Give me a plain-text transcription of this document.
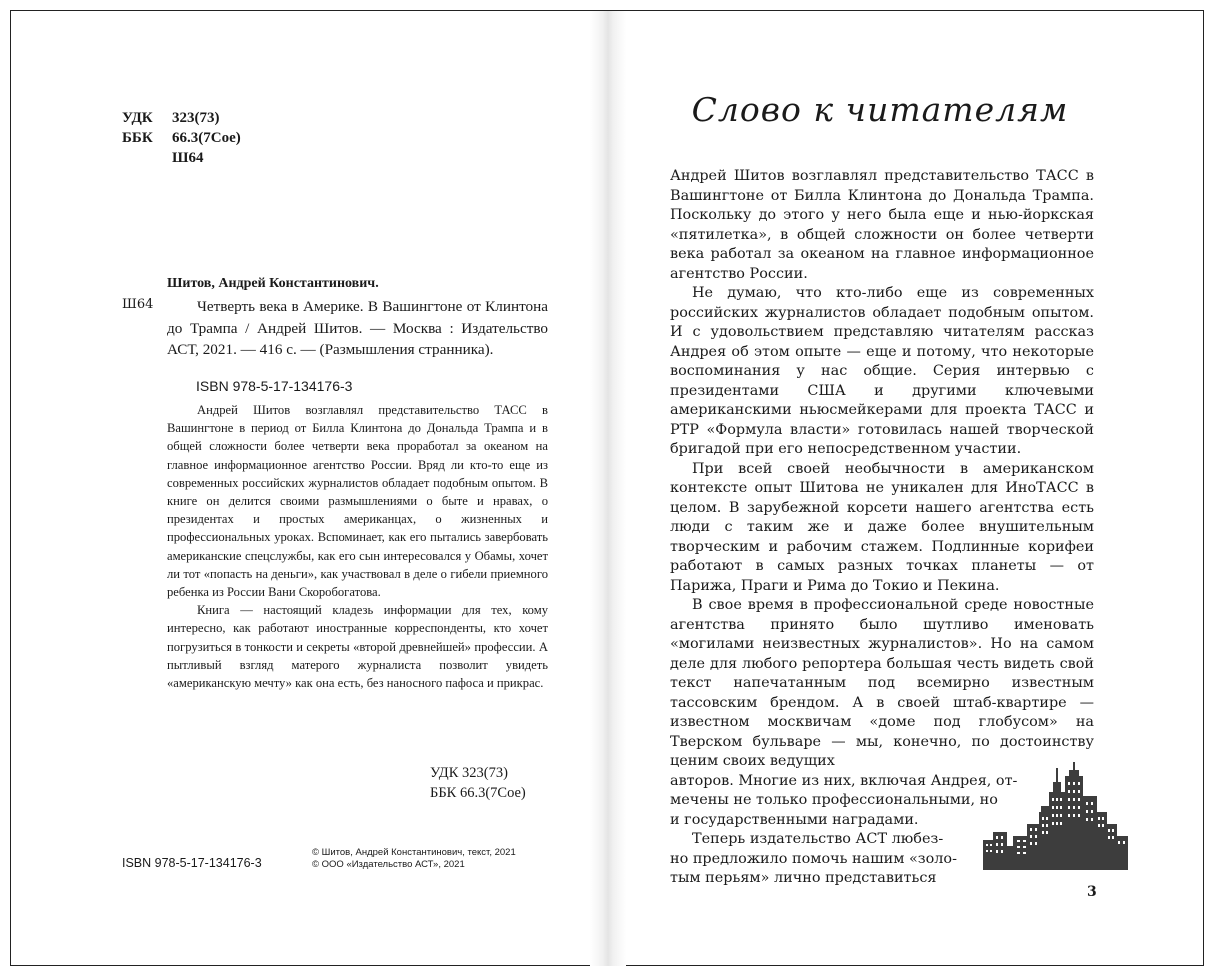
УДК 323(73)
ББК 66.3(7Сое)
Ш64
Шитов, Андрей Константинович.
Ш64	Четверть века в Америке. В Вашингтоне от Клинтона до Трампа / Андрей Шитов. — Москва : Издательство АСТ, 2021. — 416 с. — (Размышления странника).
ISBN 978-5-17-134176-3

Андрей Шитов возглавлял представительство ТАСС в Вашингтоне в период от Билла Клинтона до Дональда Трампа и в общей сложности более четверти века проработал за океаном на главное информационное агентство России. Вряд ли кто-то еще из современных российских журналистов обладает подобным опытом. В книге он делится своими размышлениями о быте и нравах, о президентах и простых американцах, о жизненных и профессиональных уроках. Вспоминает, как его пытались завербовать американские спецслужбы, как его сын интересовался у Обамы, хочет ли тот «попасть на деньги», как участвовал в деле о гибели приемного ребенка из России Вани Скоробогатова.

Книга — настоящий кладезь информации для тех, кому интересно, как работают иностранные корреспонденты, кто хочет погрузиться в тонкости и секреты «второй древнейшей» профессии. А пытливый взгляд матерого журналиста позволит увидеть «американскую мечту» как она есть, без наносного пафоса и прикрас.

УДК 323(73)
ББК 66.3(7Сое)
ISBN 978-5-17-134176-3
© Шитов, Андрей Константинович, текст, 2021
© ООО «Издательство АСТ», 2021
Слово к читателям

Андрей Шитов возглавлял представительство ТАСС в Вашингтоне от Билла Клинтона до Дональда Трампа. Поскольку до этого у него была еще и нью-йоркская «пятилетка», в общей сложности он более четверти века работал за океаном на главное информационное агентство России.

Не думаю, что кто-либо еще из современных российских журналистов обладает подобным опытом. И с удовольствием представляю читателям рассказ Андрея об этом опыте — еще и потому, что некоторые воспоминания у нас общие. Серия интервью с президентами США и другими ключевыми американскими ньюсмейкерами для проекта ТАСС и РТР «Формула власти» готовилась нашей творческой бригадой при его непосредственном участии.

При всей своей необычности в американском контексте опыт Шитова не уникален для ИноТАСС в целом. В зарубежной корсети нашего агентства есть люди с таким же и даже более внушительным творческим и рабочим стажем. Подлинные корифеи работают в самых разных точках планеты — от Парижа, Праги и Рима до Токио и Пекина.

В свое время в профессиональной среде новостные агентства принято было шутливо именовать «могилами неизвестных журналистов». Но на самом деле для любого репортера большая честь видеть свой текст напечатанным под всемирно известным тассовским брендом. А в своей штаб-квартире — известном москвичам «доме под глобусом» на Тверском бульваре — мы, конечно, по достоинству ценим своих ведущих

авторов. Многие из них, включая Андрея, от-
мечены не только профессиональными, но
и государственными наградами.
Теперь издательство АСТ любез-
но предложило помочь нашим «золо-
тым перьям» лично представиться
3
